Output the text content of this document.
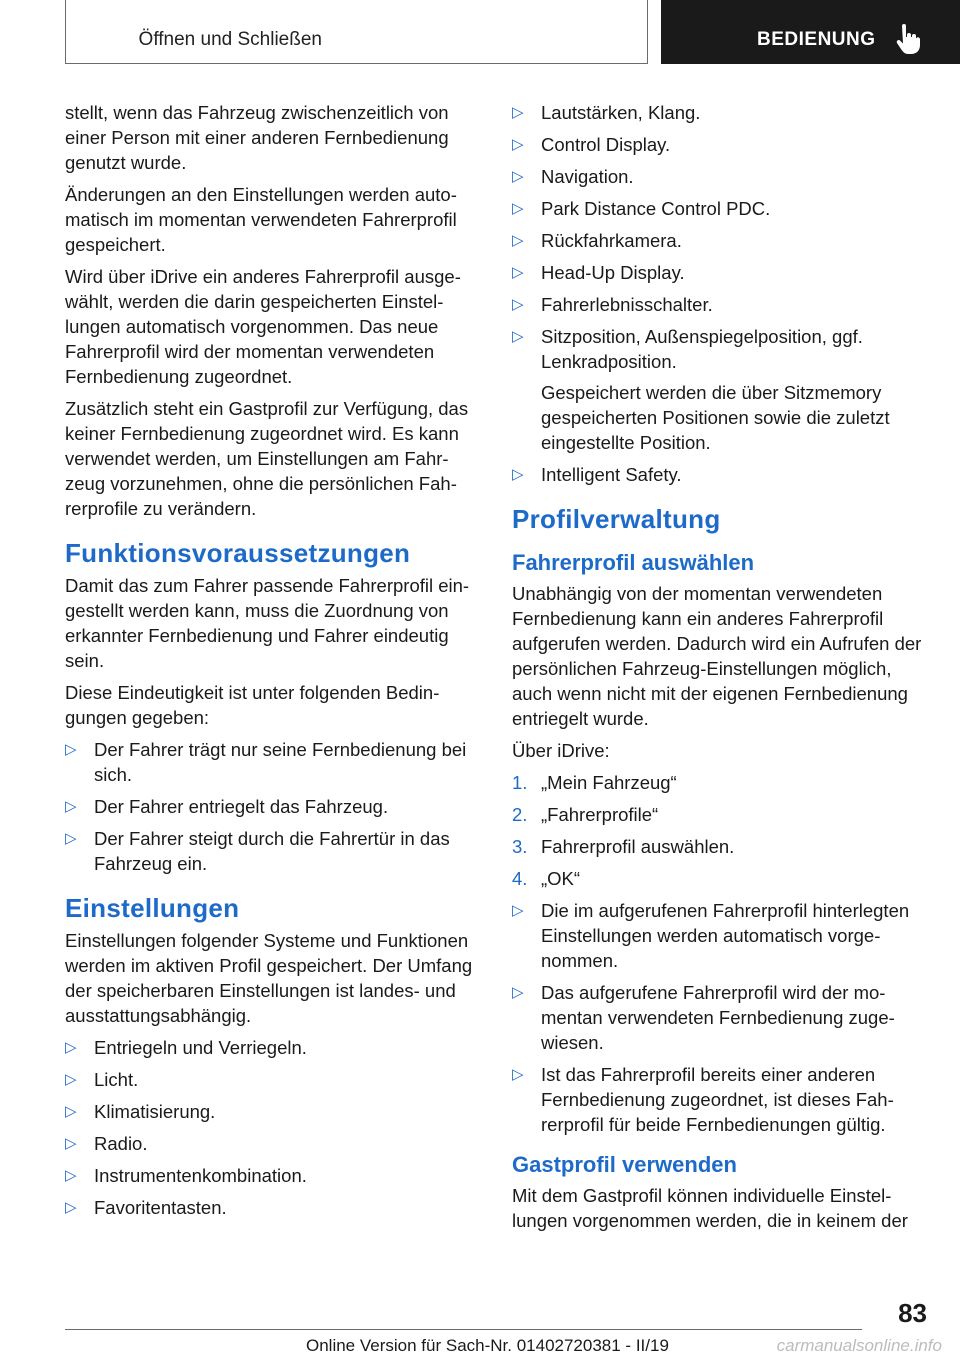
Öffnen und Schließen	BEDIENUNG

stellt, wenn das Fahrzeug zwischenzeitlich von einer Person mit einer anderen Fernbedienung genutzt wurde.

Änderungen an den Einstellungen werden automatisch im momentan verwendeten Fahrerprofil gespeichert.

Wird über iDrive ein anderes Fahrerprofil ausgewählt, werden die darin gespeicherten Einstellungen automatisch vorgenommen. Das neue Fahrerprofil wird der momentan verwendeten Fernbedienung zugeordnet.

Zusätzlich steht ein Gastprofil zur Verfügung, das keiner Fernbedienung zugeordnet wird. Es kann verwendet werden, um Einstellungen am Fahrzeug vorzunehmen, ohne die persönlichen Fahrerprofile zu verändern.

Funktionsvoraussetzungen

Damit das zum Fahrer passende Fahrerprofil eingestellt werden kann, muss die Zuordnung von erkannter Fernbedienung und Fahrer eindeutig sein.

Diese Eindeutigkeit ist unter folgenden Bedingungen gegeben:

▷ Der Fahrer trägt nur seine Fernbedienung bei sich.
▷ Der Fahrer entriegelt das Fahrzeug.
▷ Der Fahrer steigt durch die Fahrertür in das Fahrzeug ein.
Einstellungen

Einstellungen folgender Systeme und Funktionen werden im aktiven Profil gespeichert. Der Umfang der speicherbaren Einstellungen ist landes- und ausstattungsabhängig.

▷ Entriegeln und Verriegeln.
▷ Licht.
▷ Klimatisierung.
▷ Radio.
▷ Instrumentenkombination.
▷ Favoritentasten.
▷ Lautstärken, Klang.
▷ Control Display.
▷ Navigation.
▷ Park Distance Control PDC.
▷ Rückfahrkamera.
▷ Head-Up Display.
▷ Fahrerlebnisschalter.
▷ Sitzposition, Außenspiegelposition, ggf. Lenkradposition.
Gespeichert werden die über Sitzmemory gespeicherten Positionen sowie die zuletzt eingestellte Position.
▷ Intelligent Safety.
Profilverwaltung
Fahrerprofil auswählen

Unabhängig von der momentan verwendeten Fernbedienung kann ein anderes Fahrerprofil aufgerufen werden. Dadurch wird ein Aufrufen der persönlichen Fahrzeug-Einstellungen möglich, auch wenn nicht mit der eigenen Fernbedienung entriegelt wurde.

Über iDrive:

1. „Mein Fahrzeug“
2. „Fahrerprofile“
3. Fahrerprofil auswählen.
4. „OK“
▷ Die im aufgerufenen Fahrerprofil hinterlegten Einstellungen werden automatisch vorgenommen.
▷ Das aufgerufene Fahrerprofil wird der momentan verwendeten Fernbedienung zugewiesen.
▷ Ist das Fahrerprofil bereits einer anderen Fernbedienung zugeordnet, ist dieses Fahrerprofil für beide Fernbedienungen gültig.
Gastprofil verwenden

Mit dem Gastprofil können individuelle Einstellungen vorgenommen werden, die in keinem der

83
Online Version für Sach-Nr. 01402720381 - II/19	carmanualsonline.info
